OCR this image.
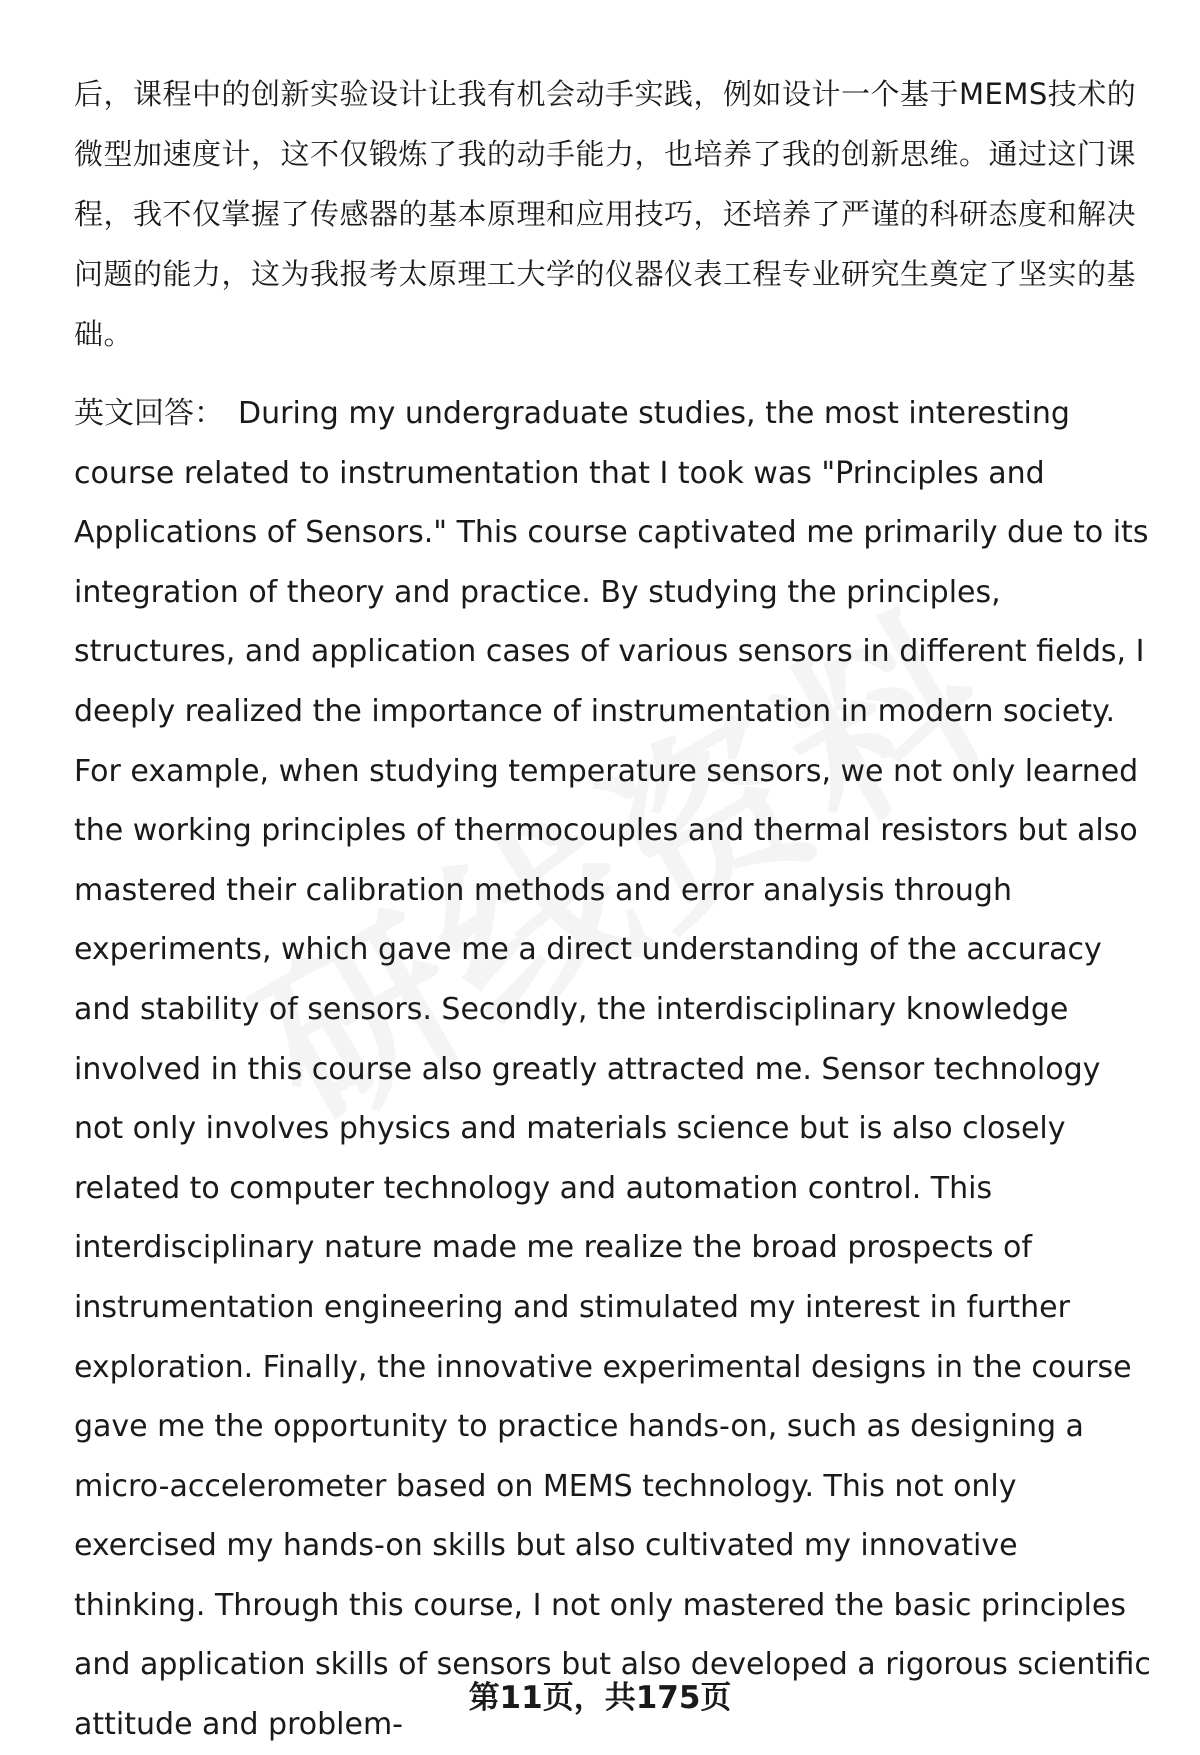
后，课程中的创新实验设计让我有机会动手实践，例如设计一个基于MEMS技术的微型加速度计，这不仅锻炼了我的动手能力，也培养了我的创新思维。通过这门课程，我不仅掌握了传感器的基本原理和应用技巧，还培养了严谨的科研态度和解决问题的能力，这为我报考太原理工大学的仪器仪表工程专业研究生奠定了坚实的基础。

英文回答： During my undergraduate studies, the most interesting course related to instrumentation that I took was "Principles and Applications of Sensors." This course captivated me primarily due to its integration of theory and practice. By studying the principles, structures, and application cases of various sensors in different fields, I deeply realized the importance of instrumentation in modern society. For example, when studying temperature sensors, we not only learned the working principles of thermocouples and thermal resistors but also mastered their calibration methods and error analysis through experiments, which gave me a direct understanding of the accuracy and stability of sensors. Secondly, the interdisciplinary knowledge involved in this course also greatly attracted me. Sensor technology not only involves physics and materials science but is also closely related to computer technology and automation control. This interdisciplinary nature made me realize the broad prospects of instrumentation engineering and stimulated my interest in further exploration. Finally, the innovative experimental designs in the course gave me the opportunity to practice hands-on, such as designing a micro-accelerometer based on MEMS technology. This not only exercised my hands-on skills but also cultivated my innovative thinking. Through this course, I not only mastered the basic principles and application skills of sensors but also developed a rigorous scientific attitude and problem-

第11页，共175页
